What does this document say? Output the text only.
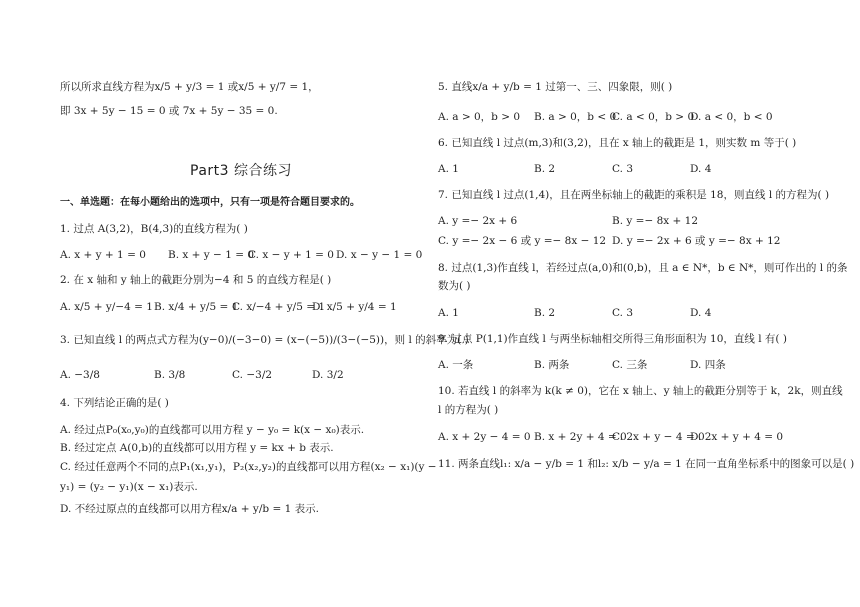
所以所求直线方程为x/5 + y/3 = 1 或x/5 + y/7 = 1，
即 3x + 5y − 15 = 0 或 7x + 5y − 35 = 0.
Part3 综合练习
一、单选题：在每小题给出的选项中，只有一项是符合题目要求的。
1. 过点 A(3,2)，B(4,3)的直线方程为( )
A. x + y + 1 = 0 B. x + y − 1 = 0
C. x − y + 1 = 0 D. x − y − 1 = 0
2. 在 x 轴和 y 轴上的截距分别为−4 和 5 的直线方程是( )
A. x/5 + y/−4 = 1 B. x/4 + y/5 = 1
C. x/−4 + y/5 = 1
D. x/5 + y/4 = 1
3. 已知直线 l 的两点式方程为(y−0)/(−3−0) = (x−(−5))/(3−(−5))，则 l 的斜率为( )
A. −3/8	B. 3/8	C. −3/2	D. 3/2
4. 下列结论正确的是( )
A. 经过点P₀(x₀,y₀)的直线都可以用方程 y − y₀ = k(x − x₀)表示.
B. 经过定点 A(0,b)的直线都可以用方程 y = kx + b 表示.
C. 经过任意两个不同的点P₁(x₁,y₁)，P₂(x₂,y₂)的直线都可以用方程(x₂ − x₁)(y −
y₁) = (y₂ − y₁)(x − x₁)表示.
D. 不经过原点的直线都可以用方程x/a + y/b = 1 表示.
5. 直线x/a + y/b = 1 过第一、三、四象限，则( )
A. a > 0，b > 0 B. a > 0，b < 0
C. a < 0，b > 0
D. a < 0，b < 0
6. 已知直线 l 过点(m,3)和(3,2)，且在 x 轴上的截距是 1，则实数 m 等于( )
A. 1	B. 2	C. 3	D. 4
7. 已知直线 l 过点(1,4)，且在两坐标轴上的截距的乘积是 18，则直线 l 的方程为( )
A. y =− 2x + 6	B. y =− 8x + 12
C. y =− 2x − 6 或 y =− 8x − 12 D. y =− 2x + 6 或 y =− 8x + 12
8. 过点(1,3)作直线 l，若经过点(a,0)和(0,b)，且 a ∈ N*，b ∈ N*，则可作出的 l 的条
数为( )
A. 1	B. 2	C. 3	D. 4
9. 过点 P(1,1)作直线 l 与两坐标轴相交所得三角形面积为 10，直线 l 有( )
A. 一条	B. 两条	C. 三条	D. 四条
10. 若直线 l 的斜率为 k(k ≠ 0)，它在 x 轴上、y 轴上的截距分别等于 k，2k，则直线
l 的方程为( )
A. x + 2y − 4 = 0 B. x + 2y + 4 = 0
C. 2x + y − 4 = 0
D. 2x + y + 4 = 0
11. 两条直线l₁: x/a − y/b = 1 和l₂: x/b − y/a = 1 在同一直角坐标系中的图象可以是( )
